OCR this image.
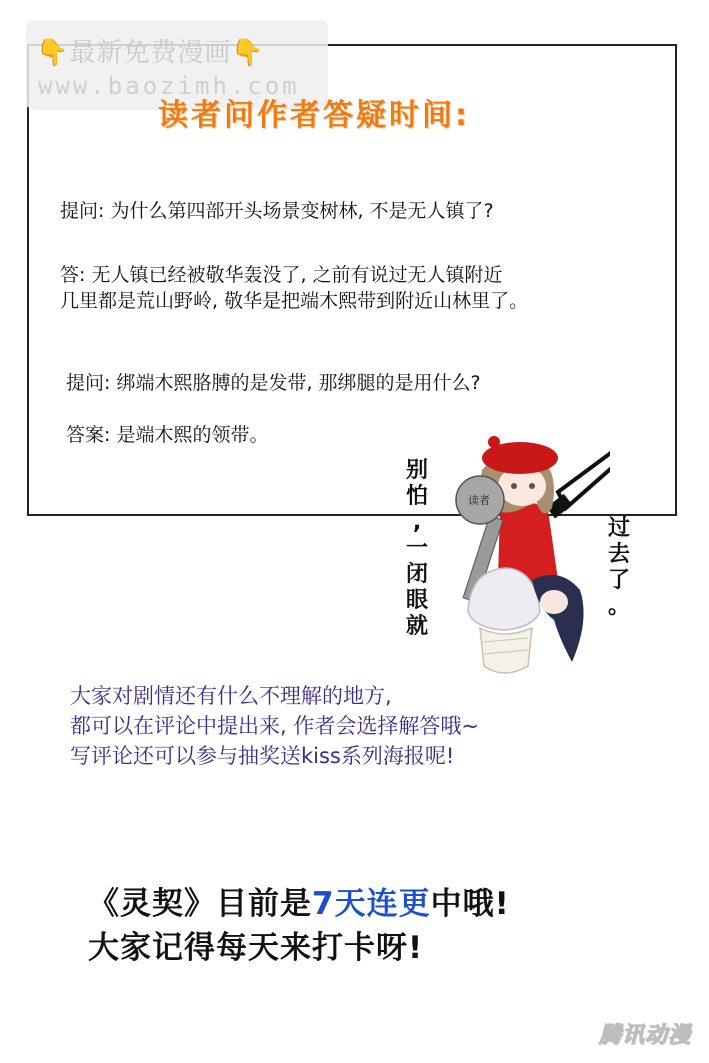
👇最新免费漫画👇
www.baozimh.com
读者问作者答疑时间:
提问: 为什么第四部开头场景变树林, 不是无人镇了?
答: 无人镇已经被敬华轰没了, 之前有说过无人镇附近
几里都是荒山野岭, 敬华是把端木熙带到附近山林里了。
提问: 绑端木熙胳膊的是发带, 那绑腿的是用什么?
答案: 是端木熙的领带。
别
怕
,
一
闭
眼
就
过
去
了
。
读者
大家对剧情还有什么不理解的地方,
都可以在评论中提出来, 作者会选择解答哦~
写评论还可以参与抽奖送kiss系列海报呢!
《灵契》目前是7天连更中哦!
大家记得每天来打卡呀!
腾讯动漫
